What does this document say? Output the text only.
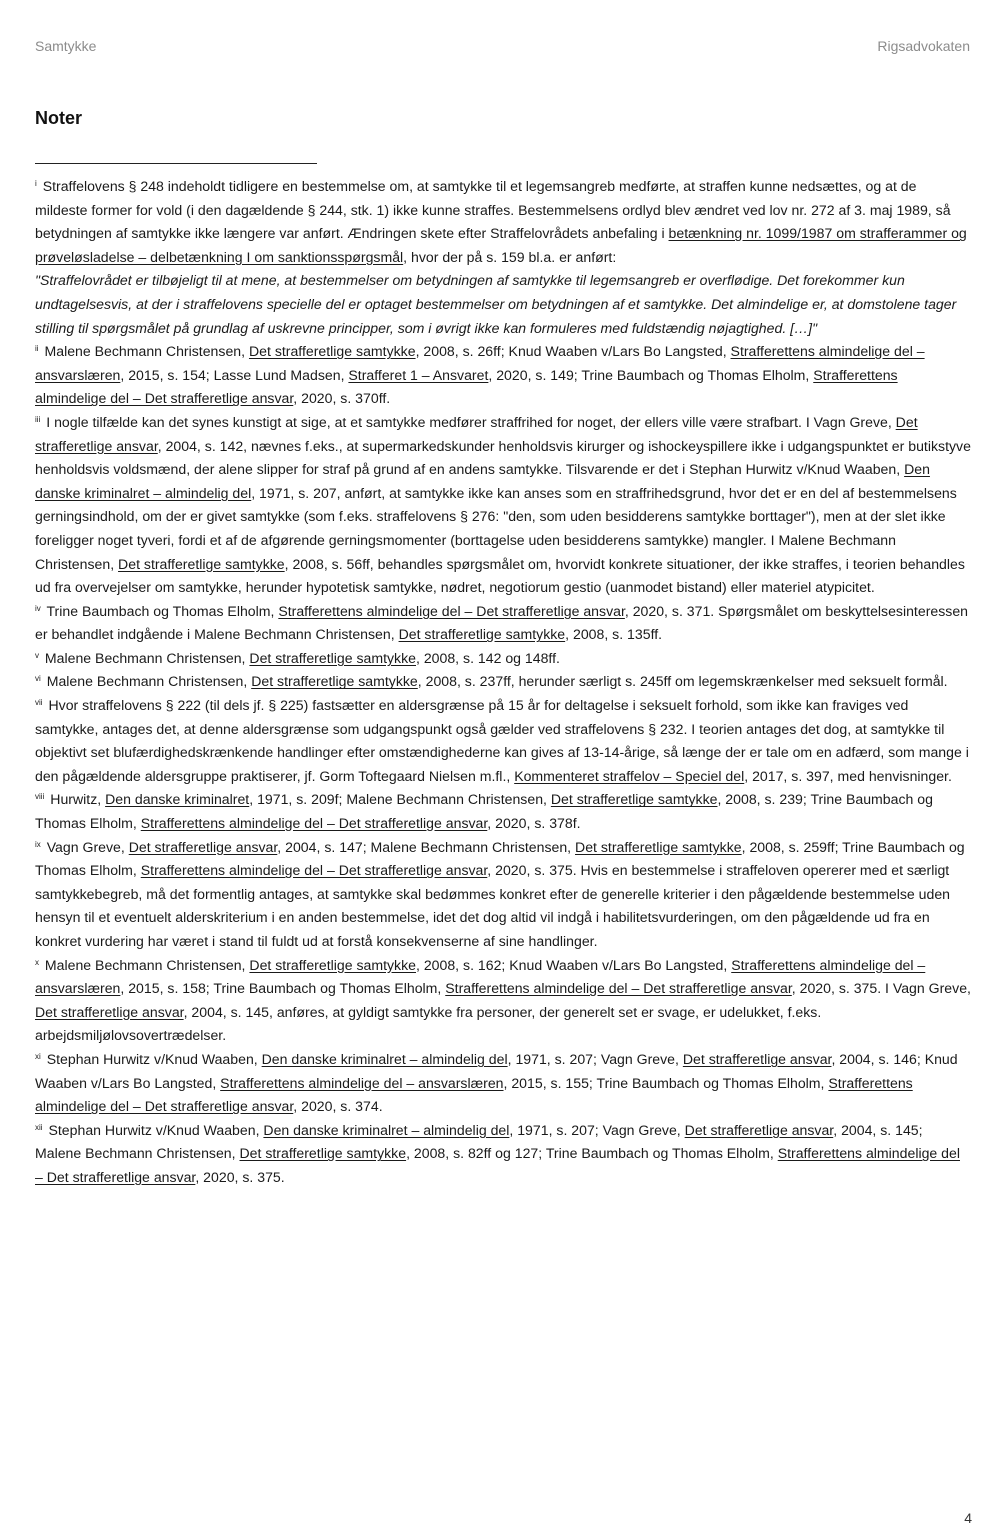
Samtykke	Rigsadvokaten
Noter

$^i$ Straffelovens § 248 indeholdt tidligere en bestemmelse om, at samtykke til et legemsangreb medførte, at straffen kunne nedsættes, og at de mildeste former for vold (i den dagældende § 244, stk. 1) ikke kunne straffes. Bestemmelsens ordlyd blev ændret ved lov nr. 272 af 3. maj 1989, så betydningen af samtykke ikke længere var anført. Ændringen skete efter Straffelovrådets anbefaling i betænkning nr. 1099/1987 om strafferammer og prøveløsladelse – delbetænkning I om sanktionsspørgsmål, hvor der på s. 159 bl.a. er anført:

"Straffelovrådet er tilbøjeligt til at mene, at bestemmelser om betydningen af samtykke til legemsangreb er overflødige. Det forekommer kun undtagelsesvis, at der i straffelovens specielle del er optaget bestemmelser om betydningen af et samtykke. Det almindelige er, at domstolene tager stilling til spørgsmålet på grundlag af uskrevne principper, som i øvrigt ikke kan formuleres med fuldstændig nøjagtighed. […]"

$^{ii}$ Malene Bechmann Christensen, Det strafferetlige samtykke, 2008, s. 26ff; Knud Waaben v/Lars Bo Langsted, Strafferettens almindelige del – ansvarslæren, 2015, s. 154; Lasse Lund Madsen, Strafferet 1 – Ansvaret, 2020, s. 149; Trine Baumbach og Thomas Elholm, Strafferettens almindelige del – Det strafferetlige ansvar, 2020, s. 370ff.

$^{iii}$ I nogle tilfælde kan det synes kunstigt at sige, at et samtykke medfører straffrihed for noget, der ellers ville være strafbart. I Vagn Greve, Det strafferetlige ansvar, 2004, s. 142, nævnes f.eks., at supermarkedskunder henholdsvis kirurger og ishockeyspillere ikke i udgangspunktet er butikstyve henholdsvis voldsmænd, der alene slipper for straf på grund af en andens samtykke. Tilsvarende er det i Stephan Hurwitz v/Knud Waaben, Den danske kriminalret – almindelig del, 1971, s. 207, anført, at samtykke ikke kan anses som en straffrihedsgrund, hvor det er en del af bestemmelsens gerningsindhold, om der er givet samtykke (som f.eks. straffelovens § 276: "den, som uden besidderens samtykke borttager"), men at der slet ikke foreligger noget tyveri, fordi et af de afgørende gerningsmomenter (borttagelse uden besidderens samtykke) mangler. I Malene Bechmann Christensen, Det strafferetlige samtykke, 2008, s. 56ff, behandles spørgsmålet om, hvorvidt konkrete situationer, der ikke straffes, i teorien behandles ud fra overvejelser om samtykke, herunder hypotetisk samtykke, nødret, negotiorum gestio (uanmodet bistand) eller materiel atypicitet.

$^{iv}$ Trine Baumbach og Thomas Elholm, Strafferettens almindelige del – Det strafferetlige ansvar, 2020, s. 371. Spørgsmålet om beskyttelsesinteressen er behandlet indgående i Malene Bechmann Christensen, Det strafferetlige samtykke, 2008, s. 135ff.

$^v$ Malene Bechmann Christensen, Det strafferetlige samtykke, 2008, s. 142 og 148ff.

$^{vi}$ Malene Bechmann Christensen, Det strafferetlige samtykke, 2008, s. 237ff, herunder særligt s. 245ff om legemskrænkelser med seksuelt formål.

$^{vii}$ Hvor straffelovens § 222 (til dels jf. § 225) fastsætter en aldersgrænse på 15 år for deltagelse i seksuelt forhold, som ikke kan fraviges ved samtykke, antages det, at denne aldersgrænse som udgangspunkt også gælder ved straffelovens § 232. I teorien antages det dog, at samtykke til objektivt set blufærdighedskrænkende handlinger efter omstændighederne kan gives af 13-14-årige, så længe der er tale om en adfærd, som mange i den pågældende aldersgruppe praktiserer, jf. Gorm Toftegaard Nielsen m.fl., Kommenteret straffelov – Speciel del, 2017, s. 397, med henvisninger.

$^{viii}$ Hurwitz, Den danske kriminalret, 1971, s. 209f; Malene Bechmann Christensen, Det strafferetlige samtykke, 2008, s. 239; Trine Baumbach og Thomas Elholm, Strafferettens almindelige del – Det strafferetlige ansvar, 2020, s. 378f.

$^{ix}$ Vagn Greve, Det strafferetlige ansvar, 2004, s. 147; Malene Bechmann Christensen, Det strafferetlige samtykke, 2008, s. 259ff; Trine Baumbach og Thomas Elholm, Strafferettens almindelige del – Det strafferetlige ansvar, 2020, s. 375. Hvis en bestemmelse i straffeloven opererer med et særligt samtykkebegreb, må det formentlig antages, at samtykke skal bedømmes konkret efter de generelle kriterier i den pågældende bestemmelse uden hensyn til et eventuelt alderskriterium i en anden bestemmelse, idet det dog altid vil indgå i habilitetsvurderingen, om den pågældende ud fra en konkret vurdering har været i stand til fuldt ud at forstå konsekvenserne af sine handlinger.

$^x$ Malene Bechmann Christensen, Det strafferetlige samtykke, 2008, s. 162; Knud Waaben v/Lars Bo Langsted, Strafferettens almindelige del – ansvarslæren, 2015, s. 158; Trine Baumbach og Thomas Elholm, Strafferettens almindelige del – Det strafferetlige ansvar, 2020, s. 375. I Vagn Greve, Det strafferetlige ansvar, 2004, s. 145, anføres, at gyldigt samtykke fra personer, der generelt set er svage, er udelukket, f.eks. arbejdsmiljølovsovertrædelser.

$^{xi}$ Stephan Hurwitz v/Knud Waaben, Den danske kriminalret – almindelig del, 1971, s. 207; Vagn Greve, Det strafferetlige ansvar, 2004, s. 146; Knud Waaben v/Lars Bo Langsted, Strafferettens almindelige del – ansvarslæren, 2015, s. 155; Trine Baumbach og Thomas Elholm, Strafferettens almindelige del – Det strafferetlige ansvar, 2020, s. 374.

$^{xii}$ Stephan Hurwitz v/Knud Waaben, Den danske kriminalret – almindelig del, 1971, s. 207; Vagn Greve, Det strafferetlige ansvar, 2004, s. 145; Malene Bechmann Christensen, Det strafferetlige samtykke, 2008, s. 82ff og 127; Trine Baumbach og Thomas Elholm, Strafferettens almindelige del – Det strafferetlige ansvar, 2020, s. 375.

4
